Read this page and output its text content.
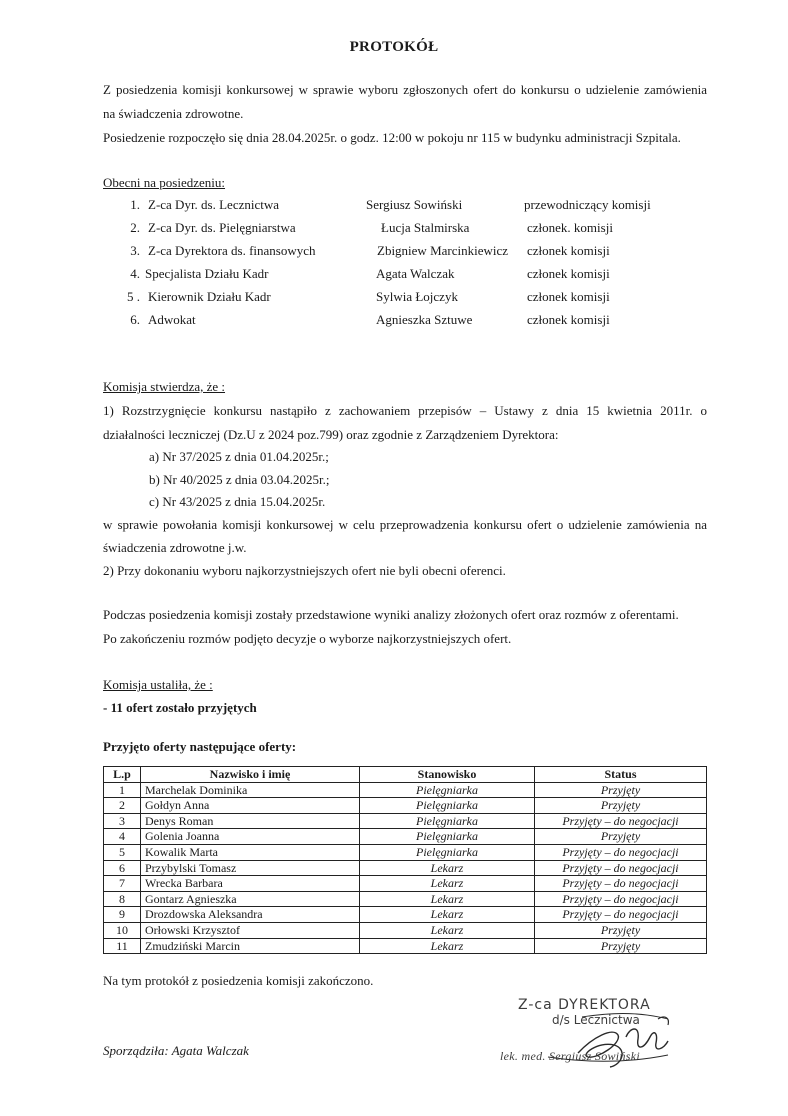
PROTOKÓŁ
Z posiedzenia komisji konkursowej w sprawie wyboru zgłoszonych ofert do konkursu o udzielenie zamówienia
na świadczenia zdrowotne.
Posiedzenie rozpoczęło się dnia 28.04.2025r. o godz. 12:00 w pokoju nr 115 w budynku administracji Szpitala.
Obecni na posiedzeniu:
1. Z-ca Dyr. ds. Lecznictwa	Sergiusz Sowiński	przewodniczący komisji
2. Z-ca Dyr. ds. Pielęgniarstwa	Łucja Stalmirska	członek. komisji
3. Z-ca Dyrektora ds. finansowych	Zbigniew Marcinkiewicz członek komisji
4. Specjalista Działu Kadr	Agata Walczak	członek komisji
5 . Kierownik Działu Kadr	Sylwia Łojczyk	członek komisji
6. Adwokat	Agnieszka Sztuwe	członek komisji
Komisja stwierdza, że :
1) Rozstrzygnięcie konkursu nastąpiło z zachowaniem przepisów – Ustawy z dnia 15 kwietnia 2011r. o
działalności leczniczej (Dz.U z 2024 poz.799) oraz zgodnie z Zarządzeniem Dyrektora:
a) Nr 37/2025 z dnia 01.04.2025r.;
b) Nr 40/2025 z dnia 03.04.2025r.;
c) Nr 43/2025 z dnia 15.04.2025r.
w sprawie powołania komisji konkursowej w celu przeprowadzenia konkursu ofert o udzielenie zamówienia na
świadczenia zdrowotne j.w.
2) Przy dokonaniu wyboru najkorzystniejszych ofert nie byli obecni oferenci.
Podczas posiedzenia komisji zostały przedstawione wyniki analizy złożonych ofert oraz rozmów z oferentami.
Po zakończeniu rozmów podjęto decyzje o wyborze najkorzystniejszych ofert.
Komisja ustaliła, że :
- 11 ofert zostało przyjętych
Przyjęto oferty następujące oferty:
L.p	Nazwisko i imię	Stanowisko	Status
1	Marchelak Dominika	Pielęgniarka	Przyjęty
2	Gołdyn Anna	Pielęgniarka	Przyjęty
3	Denys Roman	Pielęgniarka	Przyjęty – do negocjacji
4	Golenia Joanna	Pielęgniarka	Przyjęty
5	Kowalik Marta	Pielęgniarka	Przyjęty – do negocjacji
6	Przybylski Tomasz	Lekarz	Przyjęty – do negocjacji
7	Wrecka Barbara	Lekarz	Przyjęty – do negocjacji
8	Gontarz Agnieszka	Lekarz	Przyjęty – do negocjacji
9	Drozdowska Aleksandra	Lekarz	Przyjęty – do negocjacji
10	Orłowski Krzysztof	Lekarz	Przyjęty
11	Zmudziński Marcin	Lekarz	Przyjęty
Na tym protokół z posiedzenia komisji zakończono.
Sporządziła: Agata Walczak
Z-ca DYREKTORA
d/s Lecznictwa
lek. med. Sergiusz Sowiński
